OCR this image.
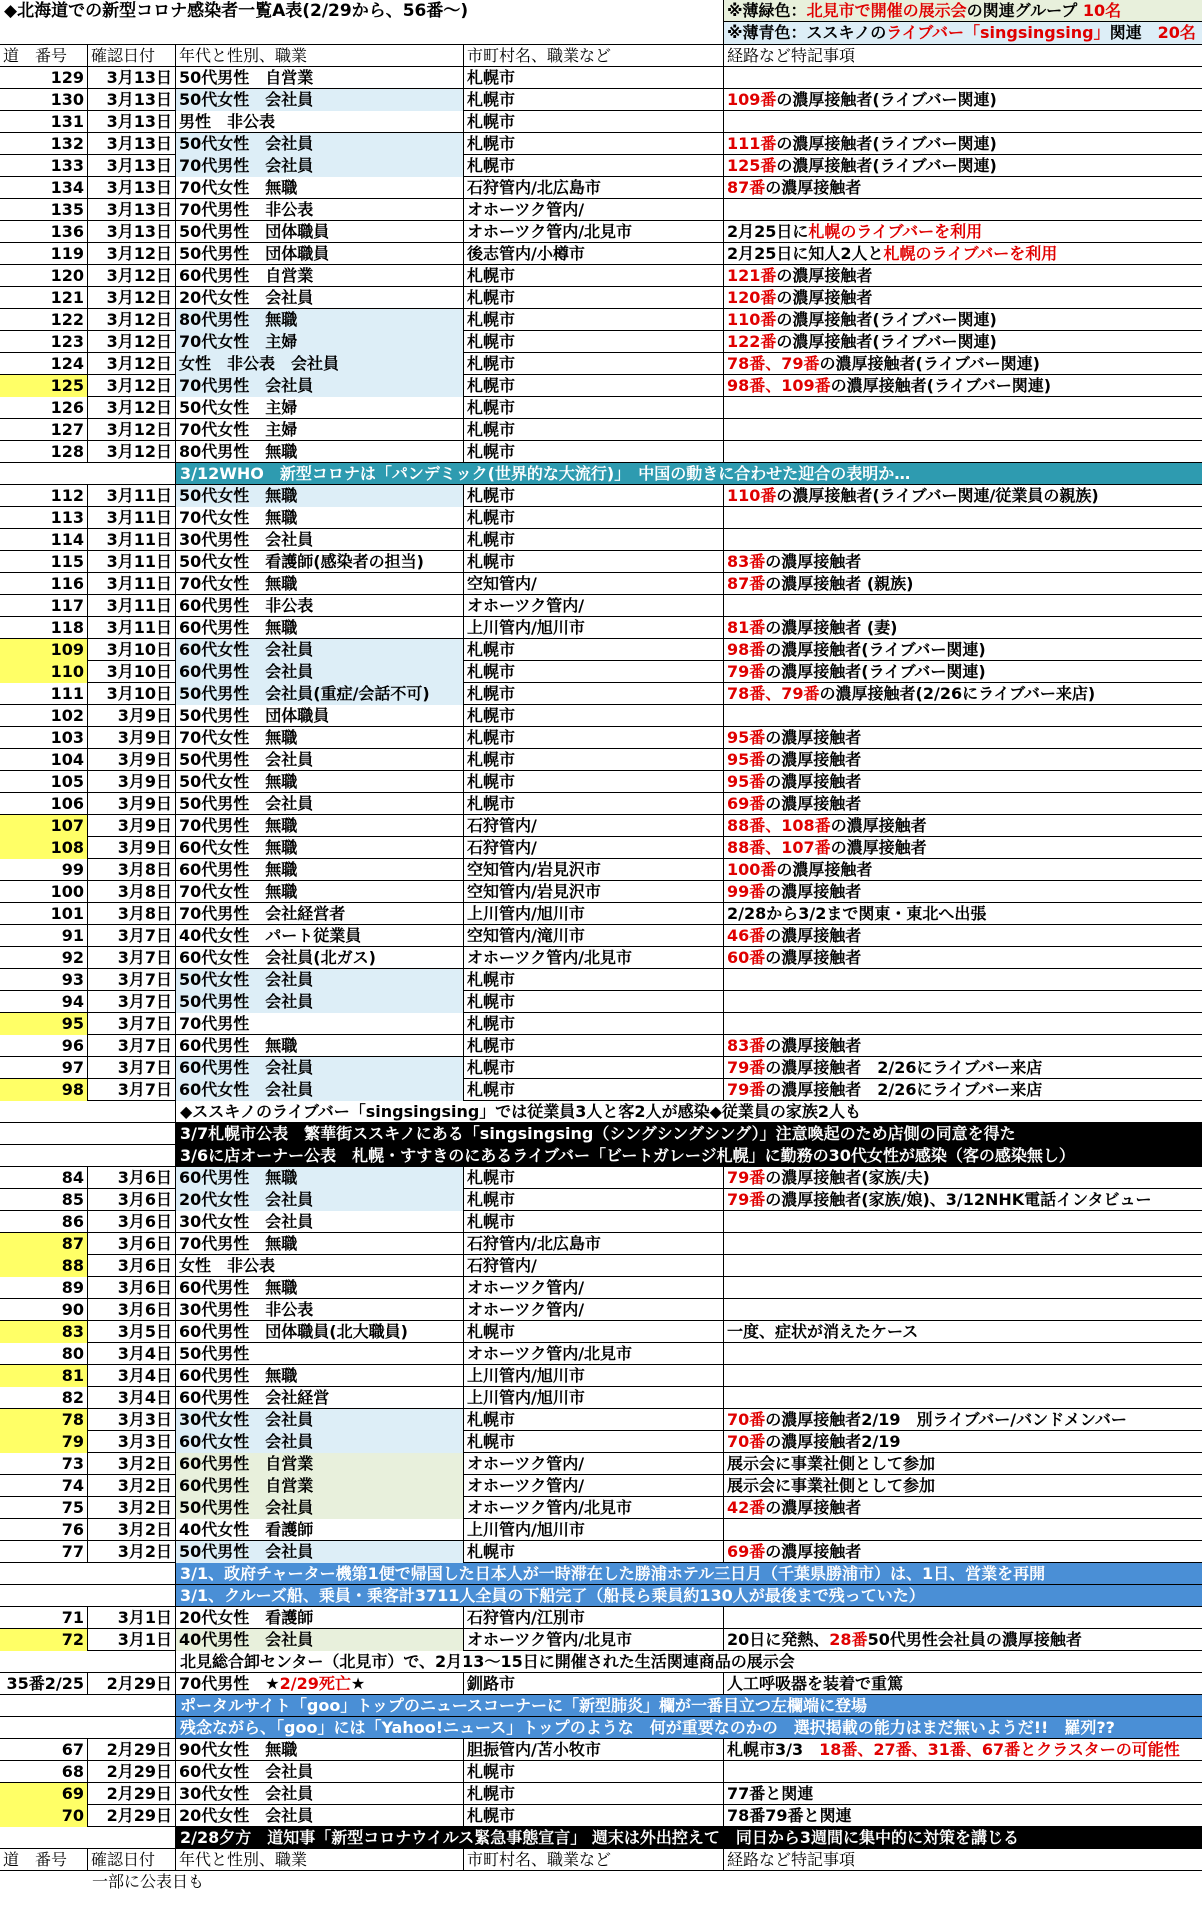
◆北海道での新型コロナ感染者一覧A表(2/29から、56番～)	※薄緑色：北見市で開催の展示会の関連グループ 10名
※薄青色：ススキノのライブバー「singsingsing」関連　 20名
道　番号	確認日付	年代と性別、職業	市町村名、職業など	経路など特記事項
129	3月13日 50代男性　自営業	札幌市
130	3月13日 50代女性　会社員	札幌市	109番の濃厚接触者(ライブバー関連)
131	3月13日 男性　非公表	札幌市
132	3月13日 50代女性　会社員	札幌市	111番の濃厚接触者(ライブバー関連)
133	3月13日 70代男性　会社員	札幌市	125番の濃厚接触者(ライブバー関連)
134	3月13日 70代女性　無職	石狩管内/北広島市	87番の濃厚接触者
135	3月13日 70代男性　非公表	オホーツク管内/
136	3月13日 50代男性　団体職員	オホーツク管内/北見市	2月25日に札幌のライブバーを利用
119	3月12日 50代男性　団体職員	後志管内/小樽市	2月25日に知人2人と札幌のライブバーを利用
120	3月12日 60代男性　自営業	札幌市	121番の濃厚接触者
121	3月12日 20代女性　会社員	札幌市	120番の濃厚接触者
122	3月12日 80代男性　無職	札幌市	110番の濃厚接触者(ライブバー関連)
123	3月12日 70代女性　主婦	札幌市	122番の濃厚接触者(ライブバー関連)
124	3月12日 女性　非公表　会社員	札幌市	78番、79番の濃厚接触者(ライブバー関連)
125	3月12日 70代男性　会社員	札幌市	98番、109番の濃厚接触者(ライブバー関連)
126	3月12日 50代女性　主婦	札幌市
127	3月12日 70代女性　主婦	札幌市
128	3月12日 80代男性　無職	札幌市
3/12WHO　新型コロナは「パンデミック(世界的な大流行)」　中国の動きに合わせた迎合の表明か…
112	3月11日 50代女性　無職	札幌市	110番の濃厚接触者(ライブバー関連/従業員の親族)
113	3月11日 70代女性　無職	札幌市
114	3月11日 30代男性　会社員	札幌市
115	3月11日 50代女性　看護師(感染者の担当)	札幌市	83番の濃厚接触者
116	3月11日 70代女性　無職	空知管内/	87番の濃厚接触者 (親族)
117	3月11日 60代男性　非公表	オホーツク管内/
118	3月11日 60代男性　無職	上川管内/旭川市	81番の濃厚接触者 (妻)
109	3月10日 60代女性　会社員	札幌市	98番の濃厚接触者(ライブバー関連)
110	3月10日 60代男性　会社員	札幌市	79番の濃厚接触者(ライブバー関連)
111	3月10日 50代男性　会社員(重症/会話不可)	札幌市	78番、79番の濃厚接触者(2/26にライブバー来店)
102	3月9日 50代男性　団体職員	札幌市
103	3月9日 70代女性　無職	札幌市	95番の濃厚接触者
104	3月9日 50代男性　会社員	札幌市	95番の濃厚接触者
105	3月9日 50代女性　無職	札幌市	95番の濃厚接触者
106	3月9日 50代男性　会社員	札幌市	69番の濃厚接触者
107	3月9日 70代男性　無職	石狩管内/	88番、108番の濃厚接触者
108	3月9日 60代女性　無職	石狩管内/	88番、107番の濃厚接触者
99	3月8日 60代男性　無職	空知管内/岩見沢市	100番の濃厚接触者
100	3月8日 70代女性　無職	空知管内/岩見沢市	99番の濃厚接触者
101	3月8日 70代男性　会社経営者	上川管内/旭川市	2/28から3/2まで関東・東北へ出張
91	3月7日 40代女性　パート従業員	空知管内/滝川市	46番の濃厚接触者
92	3月7日 60代女性　会社員(北ガス)	オホーツク管内/北見市	60番の濃厚接触者
93	3月7日 50代女性　会社員	札幌市
94	3月7日 50代男性　会社員	札幌市
95	3月7日 70代男性	札幌市
96	3月7日 60代男性　無職	札幌市	83番の濃厚接触者
97	3月7日 60代男性　会社員	札幌市	79番の濃厚接触者　2/26にライブバー来店
98	3月7日 60代女性　会社員	札幌市	79番の濃厚接触者　2/26にライブバー来店
◆ススキノのライブバー「singsingsing」では従業員3人と客2人が感染◆従業員の家族2人も
3/7札幌市公表　繁華街ススキノにある「singsingsing（シングシングシング）」注意喚起のため店側の同意を得た
3/6に店オーナー公表　札幌・すすきのにあるライブバー「ビートガレージ札幌」に勤務の30代女性が感染（客の感染無し）
84	3月6日 60代男性　無職	札幌市	79番の濃厚接触者(家族/夫)
85	3月6日 20代女性　会社員	札幌市	79番の濃厚接触者(家族/娘)、3/12NHK電話インタビュー
86	3月6日 30代女性　会社員	札幌市
87	3月6日 70代男性　無職	石狩管内/北広島市
88	3月6日 女性　非公表	石狩管内/
89	3月6日 60代男性　無職	オホーツク管内/
90	3月6日 30代男性　非公表	オホーツク管内/
83	3月5日 60代男性　団体職員(北大職員)	札幌市	一度、症状が消えたケース
80	3月4日 50代男性	オホーツク管内/北見市
81	3月4日 60代男性　無職	上川管内/旭川市
82	3月4日 60代男性　会社経営	上川管内/旭川市
78	3月3日 30代女性　会社員	札幌市	70番の濃厚接触者2/19　別ライブバー/バンドメンバー
79	3月3日 60代女性　会社員	札幌市	70番の濃厚接触者2/19
73	3月2日 60代男性　自営業	オホーツク管内/	展示会に事業社側として参加
74	3月2日 60代男性　自営業	オホーツク管内/	展示会に事業社側として参加
75	3月2日 50代男性　会社員	オホーツク管内/北見市	42番の濃厚接触者
76	3月2日 40代女性　看護師	上川管内/旭川市
77	3月2日 50代男性　会社員	札幌市	69番の濃厚接触者
3/1、政府チャーター機第1便で帰国した日本人が一時滞在した勝浦ホテル三日月（千葉県勝浦市）は、1日、営業を再開
3/1、クルーズ船、乗員・乗客計3711人全員の下船完了（船長ら乗員約130人が最後まで残っていた）
71	3月1日 20代女性　看護師	石狩管内/江別市
72	3月1日 40代男性　会社員	オホーツク管内/北見市	20日に発熱、28番50代男性会社員の濃厚接触者
北見総合卸センター（北見市）で、2月13～15日に開催された生活関連商品の展示会
35番2/25	2月29日 70代男性　★2/29死亡★	釧路市	人工呼吸器を装着で重篤
ポータルサイト「goo」トップのニュースコーナーに「新型肺炎」欄が一番目立つ左欄端に登場
残念ながら、「goo」には「Yahoo!ニュース」トップのような　何が重要なのかの　選択掲載の能力はまだ無いようだ!!　羅列??
67	2月29日 90代女性　無職	胆振管内/苫小牧市	札幌市3/3　18番、27番、31番、67番とクラスターの可能性
68	2月29日 60代女性　会社員	札幌市
69	2月29日 30代女性　会社員	札幌市	77番と関連
70	2月29日 20代女性　会社員	札幌市	78番79番と関連
2/28夕方　道知事「新型コロナウイルス緊急事態宣言」 週末は外出控えて　同日から3週間に集中的に対策を講じる
道　番号	確認日付	年代と性別、職業	市町村名、職業など	経路など特記事項
一部に公表日も
